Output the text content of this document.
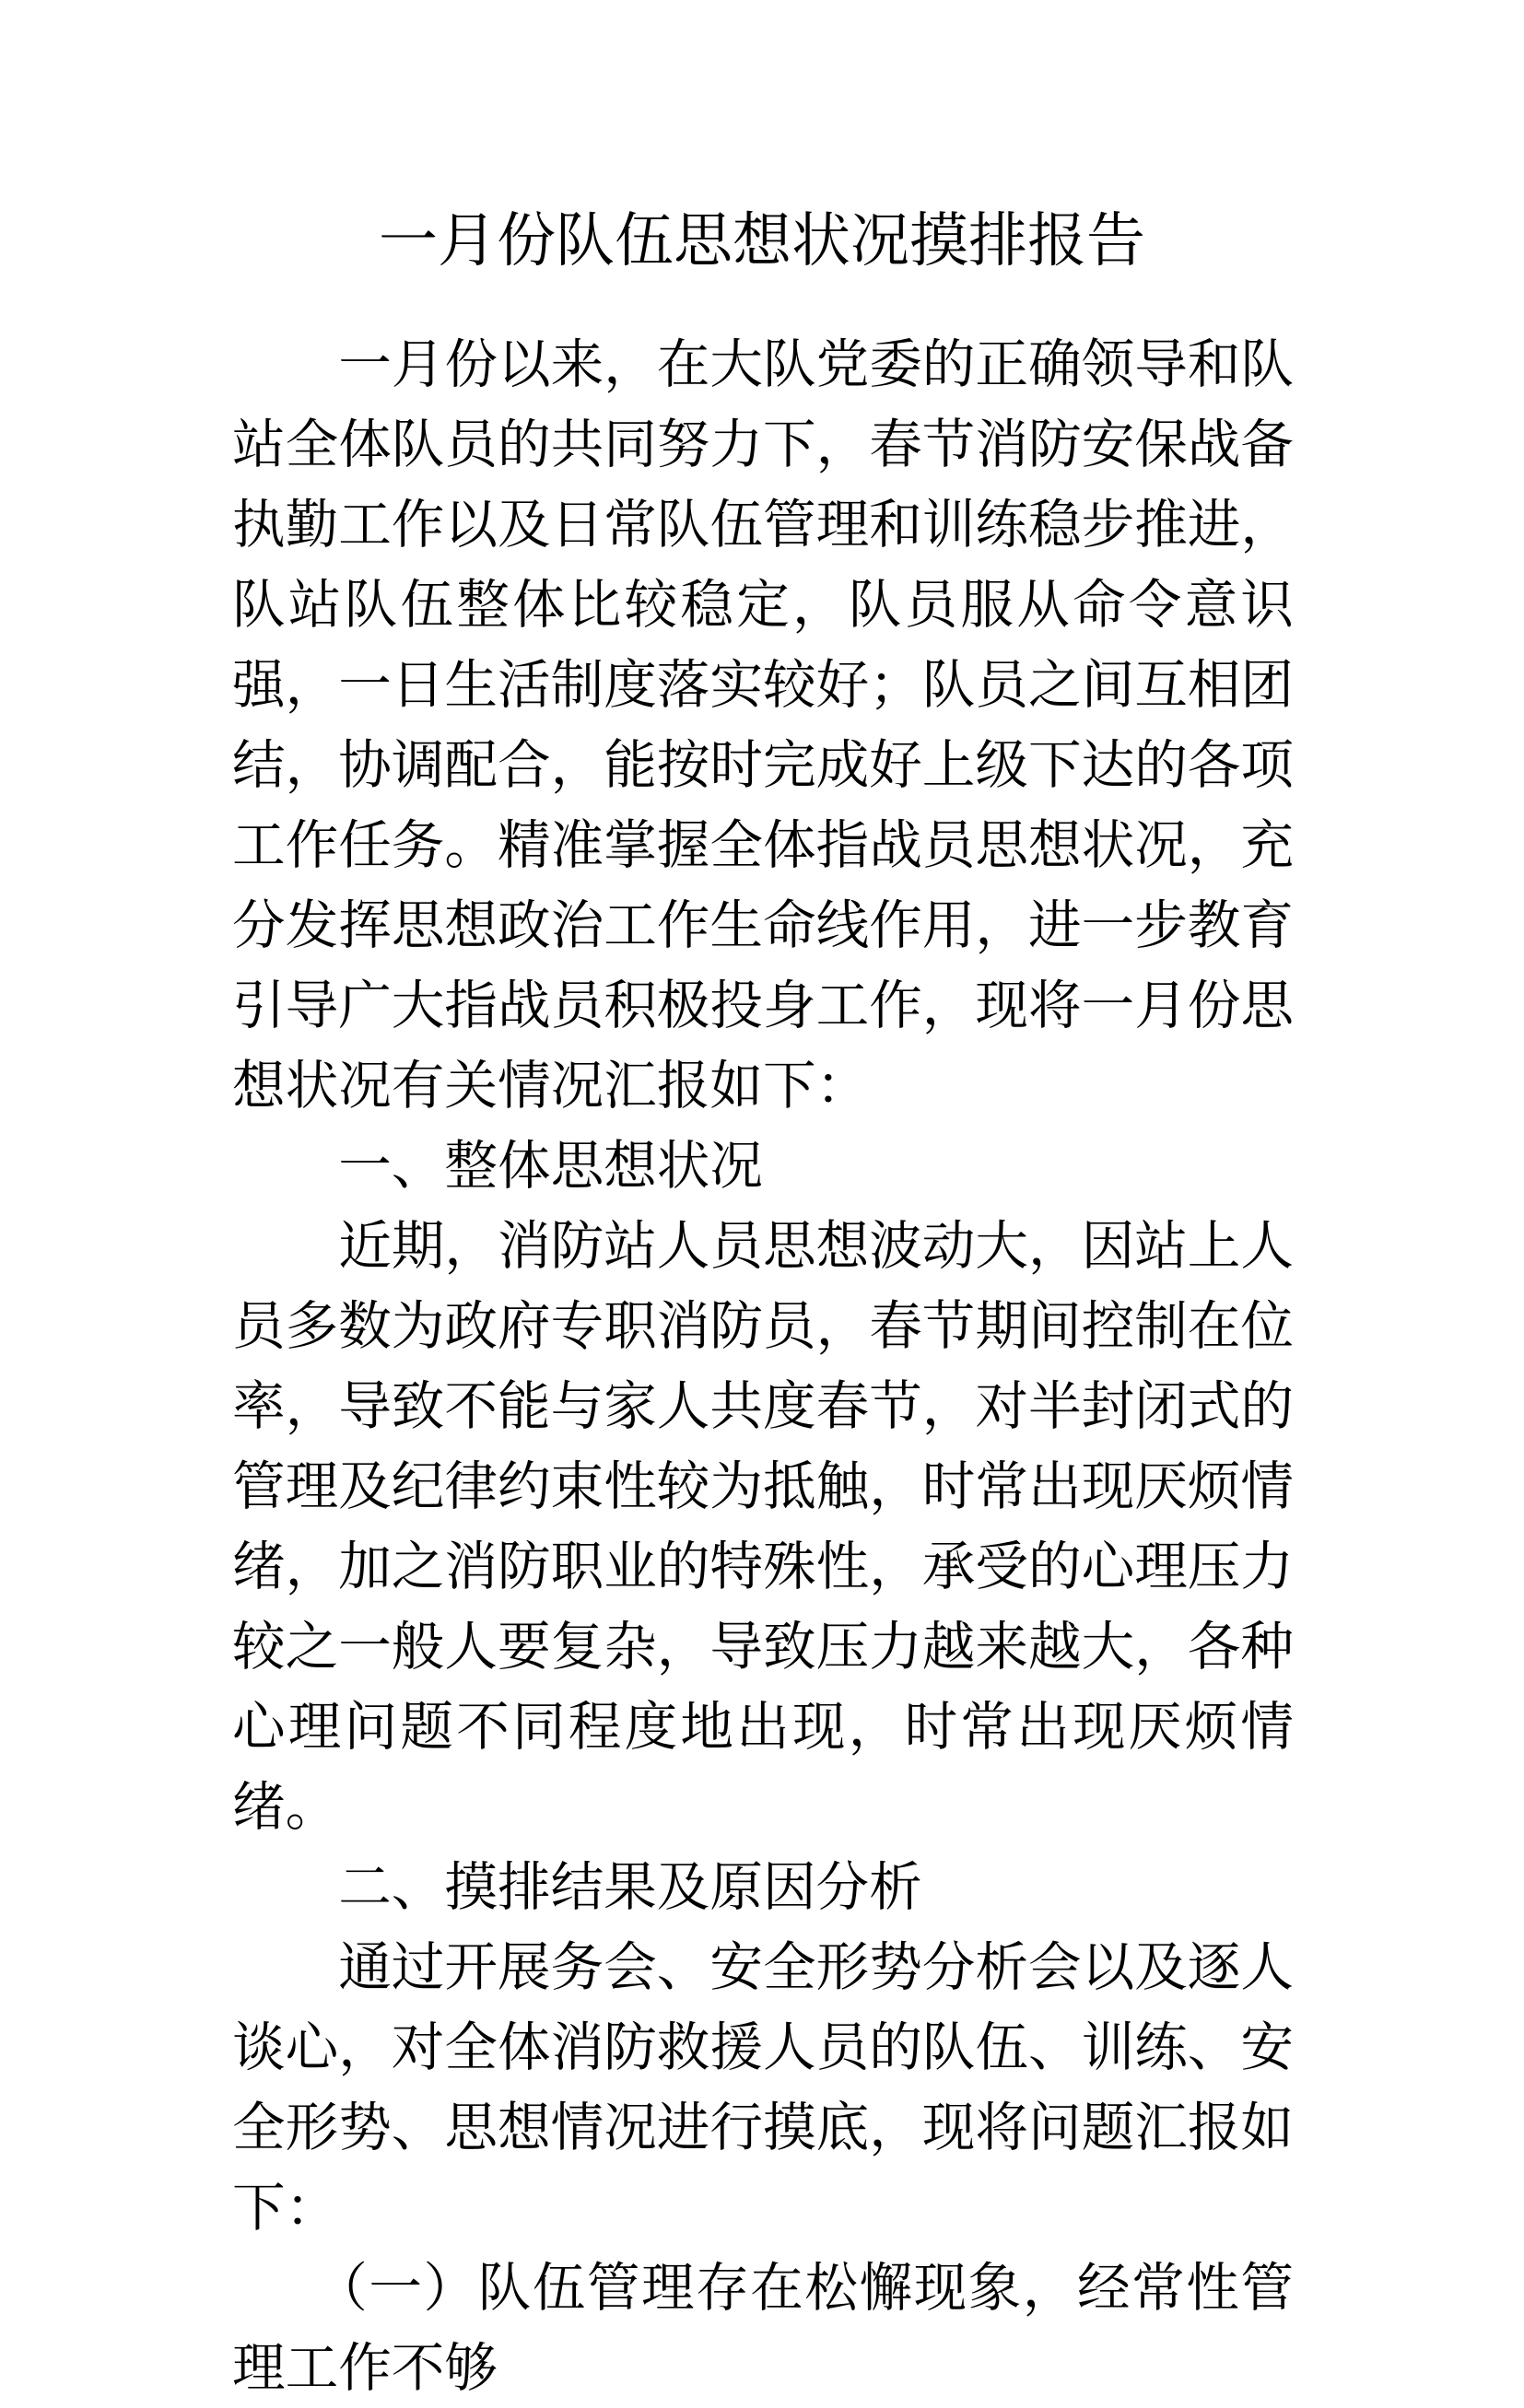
一月份队伍思想状况摸排报告

一月份以来，在大队党委的正确领导和队站全体队员的共同努力下，春节消防安保战备执勤工作以及日常队伍管理和训练稳步推进，队站队伍整体比较稳定，队员服从命令意识强，一日生活制度落实较好；队员之间互相团结，协调配合，能按时完成好上级下达的各项工作任务。精准掌握全体指战员思想状况，充分发挥思想政治工作生命线作用，进一步教育引导广大指战员积极投身工作，现将一月份思想状况有关情况汇报如下：

一、整体思想状况

近期，消防站人员思想波动大，因站上人员多数为政府专职消防员，春节期间控制在位率，导致不能与家人共度春节，对半封闭式的管理及纪律约束性较为抵触，时常出现厌烦情绪，加之消防职业的特殊性，承受的心理压力较之一般人要复杂，导致压力越来越大，各种心理问题不同程度地出现，时常出现厌烦情绪。

二、摸排结果及原因分析

通过开展务会、安全形势分析会以及逐人谈心，对全体消防救援人员的队伍、训练、安全形势、思想情况进行摸底，现将问题汇报如下：

（一）队伍管理存在松懈现象，经常性管理工作不够
